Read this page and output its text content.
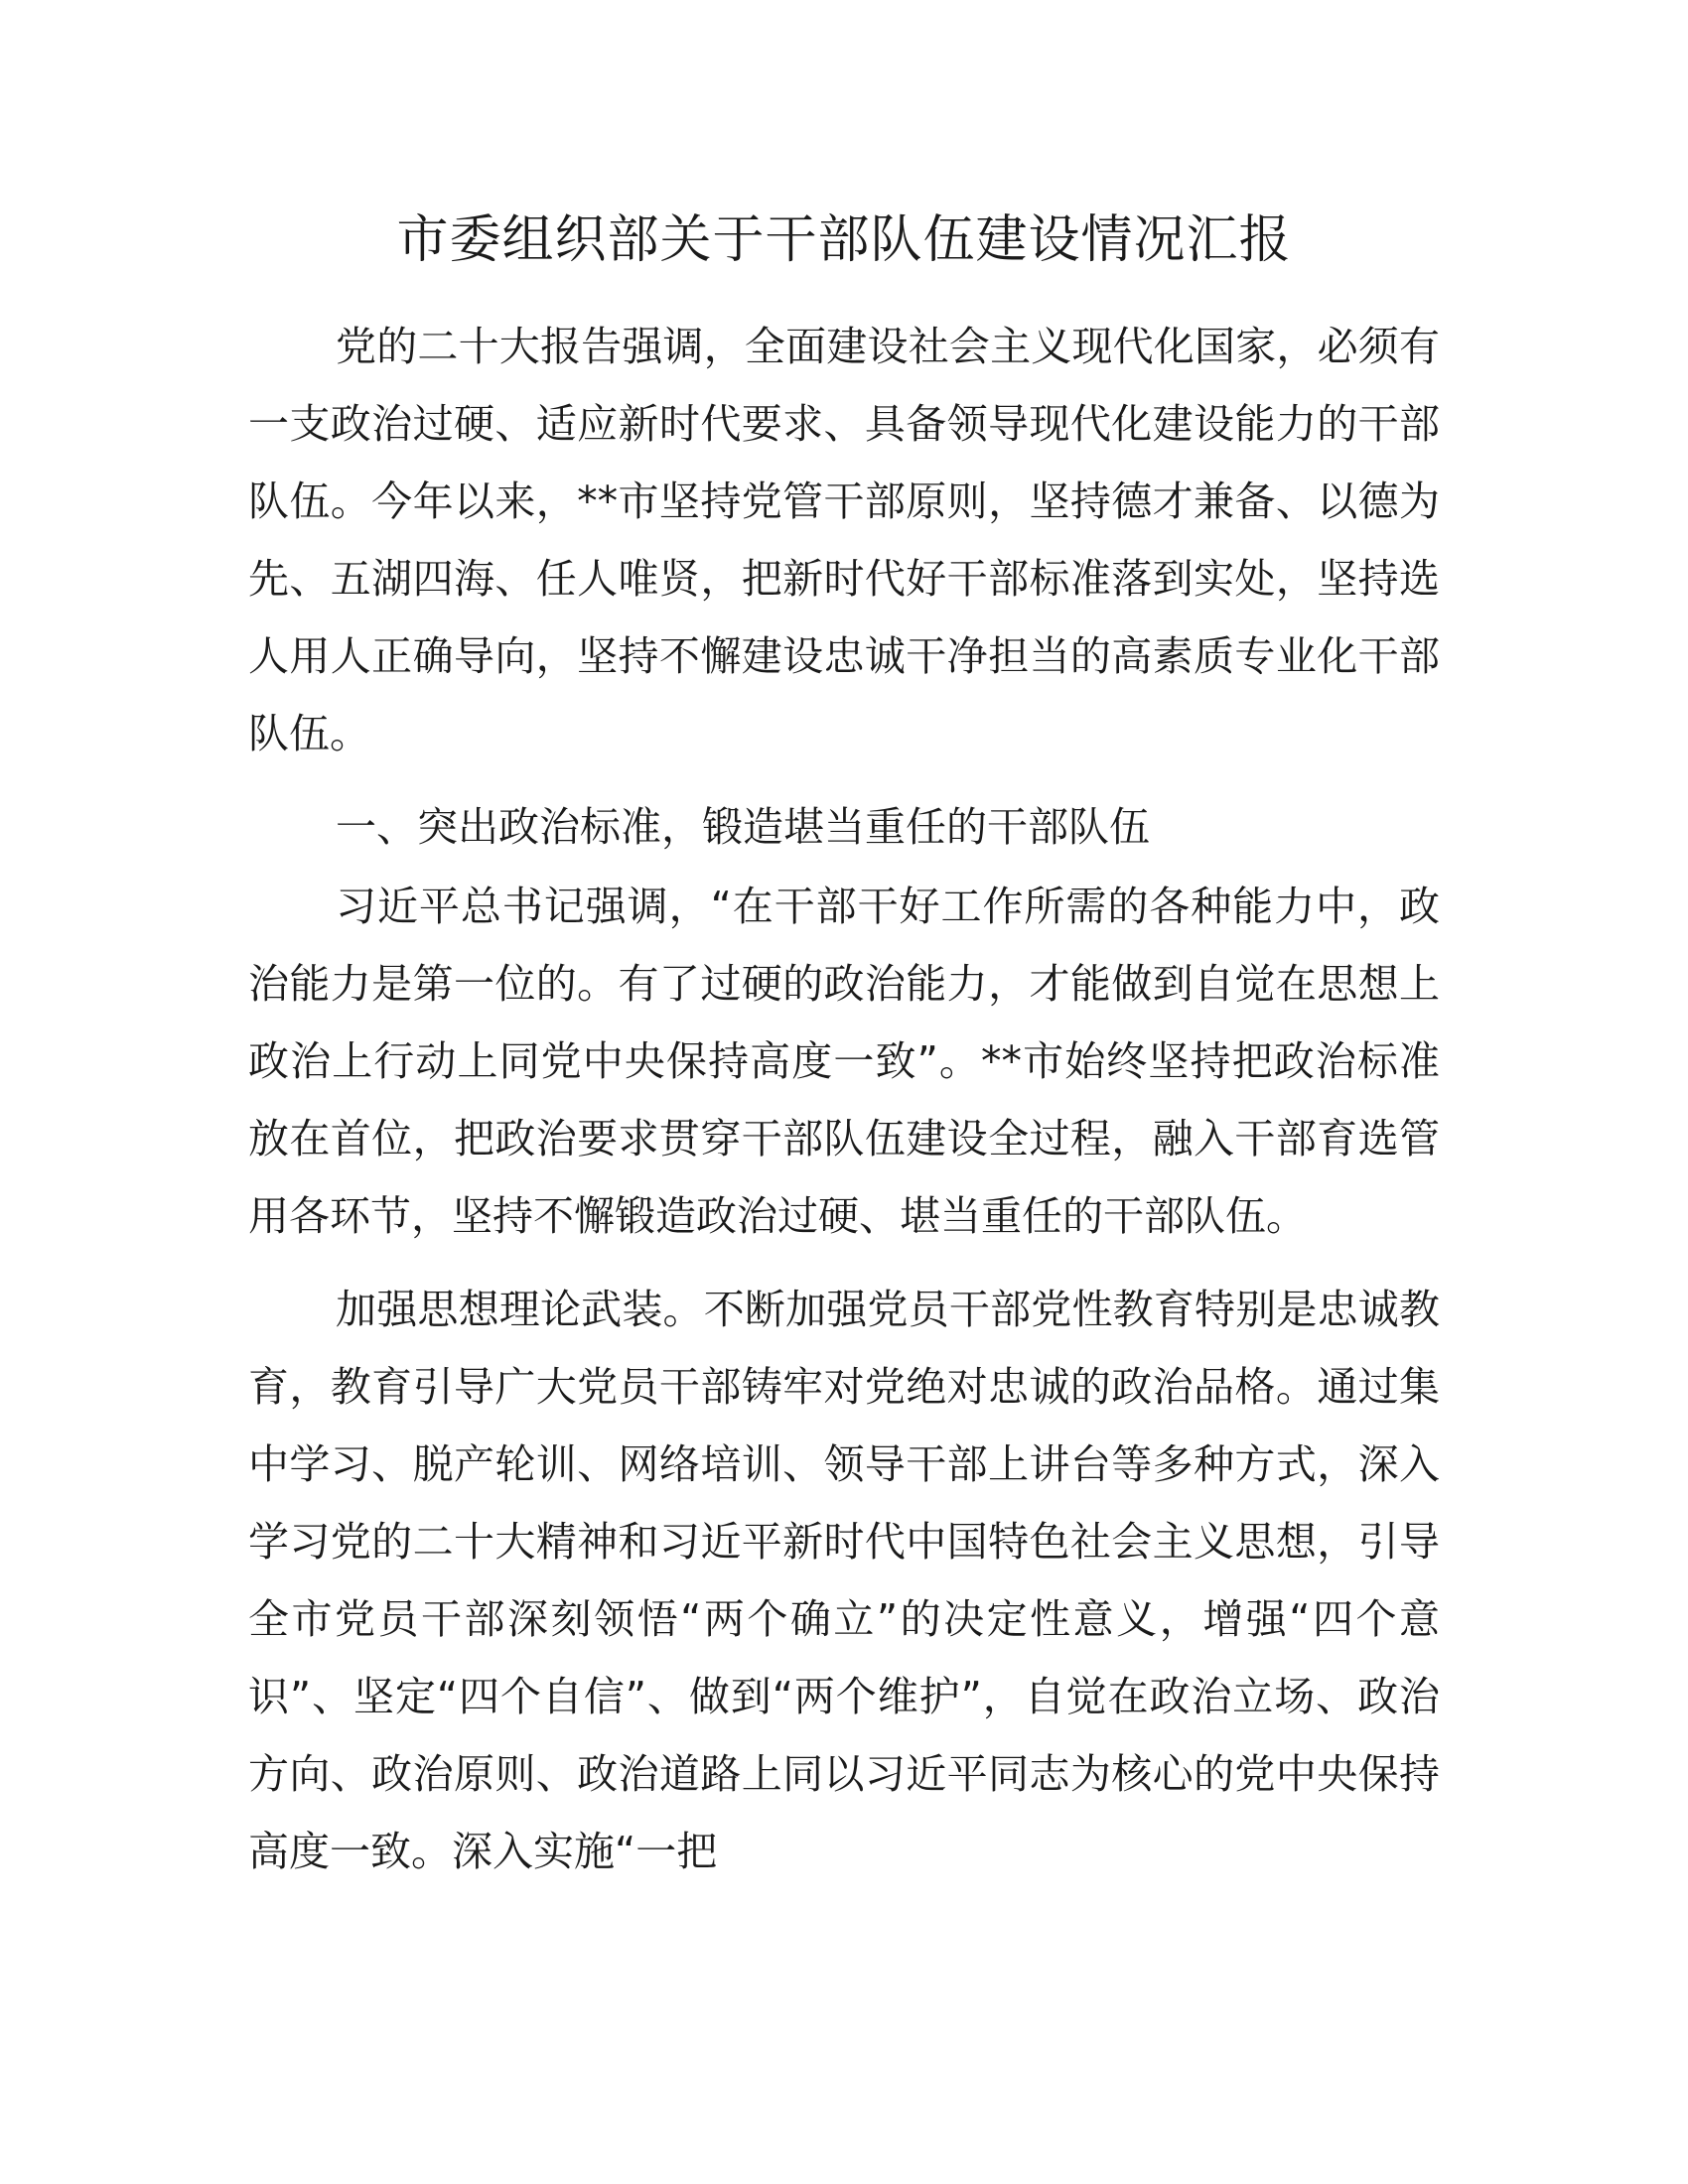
市委组织部关于干部队伍建设情况汇报

党的二十大报告强调，全面建设社会主义现代化国家，必须有一支政治过硬、适应新时代要求、具备领导现代化建设能力的干部队伍。今年以来，**市坚持党管干部原则，坚持德才兼备、以德为先、五湖四海、任人唯贤，把新时代好干部标准落到实处，坚持选人用人正确导向，坚持不懈建设忠诚干净担当的高素质专业化干部队伍。

一、突出政治标准，锻造堪当重任的干部队伍

习近平总书记强调，“在干部干好工作所需的各种能力中，政治能力是第一位的。有了过硬的政治能力，才能做到自觉在思想上政治上行动上同党中央保持高度一致”。**市始终坚持把政治标准放在首位，把政治要求贯穿干部队伍建设全过程，融入干部育选管用各环节，坚持不懈锻造政治过硬、堪当重任的干部队伍。

加强思想理论武装。不断加强党员干部党性教育特别是忠诚教育，教育引导广大党员干部铸牢对党绝对忠诚的政治品格。通过集中学习、脱产轮训、网络培训、领导干部上讲台等多种方式，深入学习党的二十大精神和习近平新时代中国特色社会主义思想，引导全市党员干部深刻领悟“两个确立”的决定性意义，增强“四个意识”、坚定“四个自信”、做到“两个维护”，自觉在政治立场、政治方向、政治原则、政治道路上同以习近平同志为核心的党中央保持高度一致。深入实施“一把
